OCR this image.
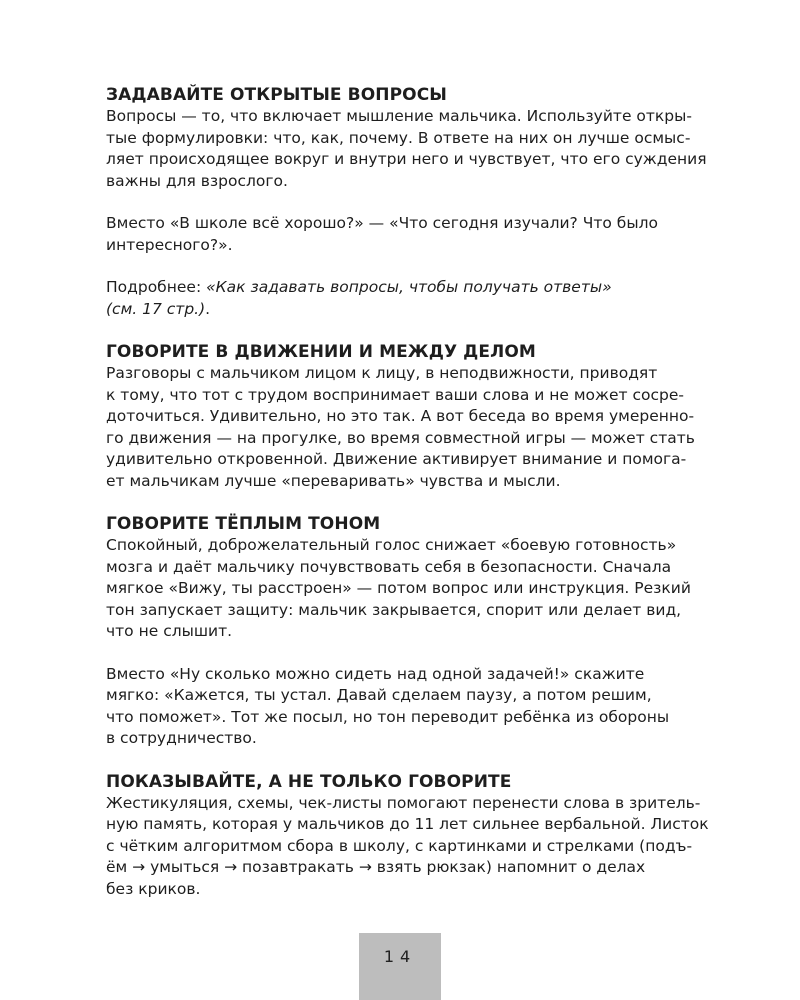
ЗАДАВАЙТЕ ОТКРЫТЫЕ ВОПРОСЫ

Вопросы — то, что включает мышление мальчика. Используйте откры-
тые формулировки: что, как, почему. В ответе на них он лучше осмыс-
ляет происходящее вокруг и внутри него и чувствует, что его суждения
важны для взрослого.

Вместо «В школе всё хорошо?» — «Что сегодня изучали? Что было
интересного?».

Подробнее: «Как задавать вопросы, чтобы получать ответы»
(см. 17 стр.).

ГОВОРИТЕ В ДВИЖЕНИИ И МЕЖДУ ДЕЛОМ

Разговоры с мальчиком лицом к лицу, в неподвижности, приводят
к тому, что тот с трудом воспринимает ваши слова и не может сосре-
доточиться. Удивительно, но это так. А вот беседа во время умеренно-
го движения — на прогулке, во время совместной игры — может стать
удивительно откровенной. Движение активирует внимание и помога-
ет мальчикам лучше «переваривать» чувства и мысли.

ГОВОРИТЕ ТЁПЛЫМ ТОНОМ

Спокойный, доброжелательный голос снижает «боевую готовность»
мозга и даёт мальчику почувствовать себя в безопасности. Сначала
мягкое «Вижу, ты расстроен» — потом вопрос или инструкция. Резкий
тон запускает защиту: мальчик закрывается, спорит или делает вид,
что не слышит.

Вместо «Ну сколько можно сидеть над одной задачей!» скажите
мягко: «Кажется, ты устал. Давай сделаем паузу, а потом решим,
что поможет». Тот же посыл, но тон переводит ребёнка из обороны
в сотрудничество.

ПОКАЗЫВАЙТЕ, А НЕ ТОЛЬКО ГОВОРИТЕ

Жестикуляция, схемы, чек-листы помогают перенести слова в зритель-
ную память, которая у мальчиков до 11 лет сильнее вербальной. Листок
с чётким алгоритмом сбора в школу, с картинками и стрелками (подъ-
ём → умыться → позавтракать → взять рюкзак) напомнит о делах
без криков.

14
